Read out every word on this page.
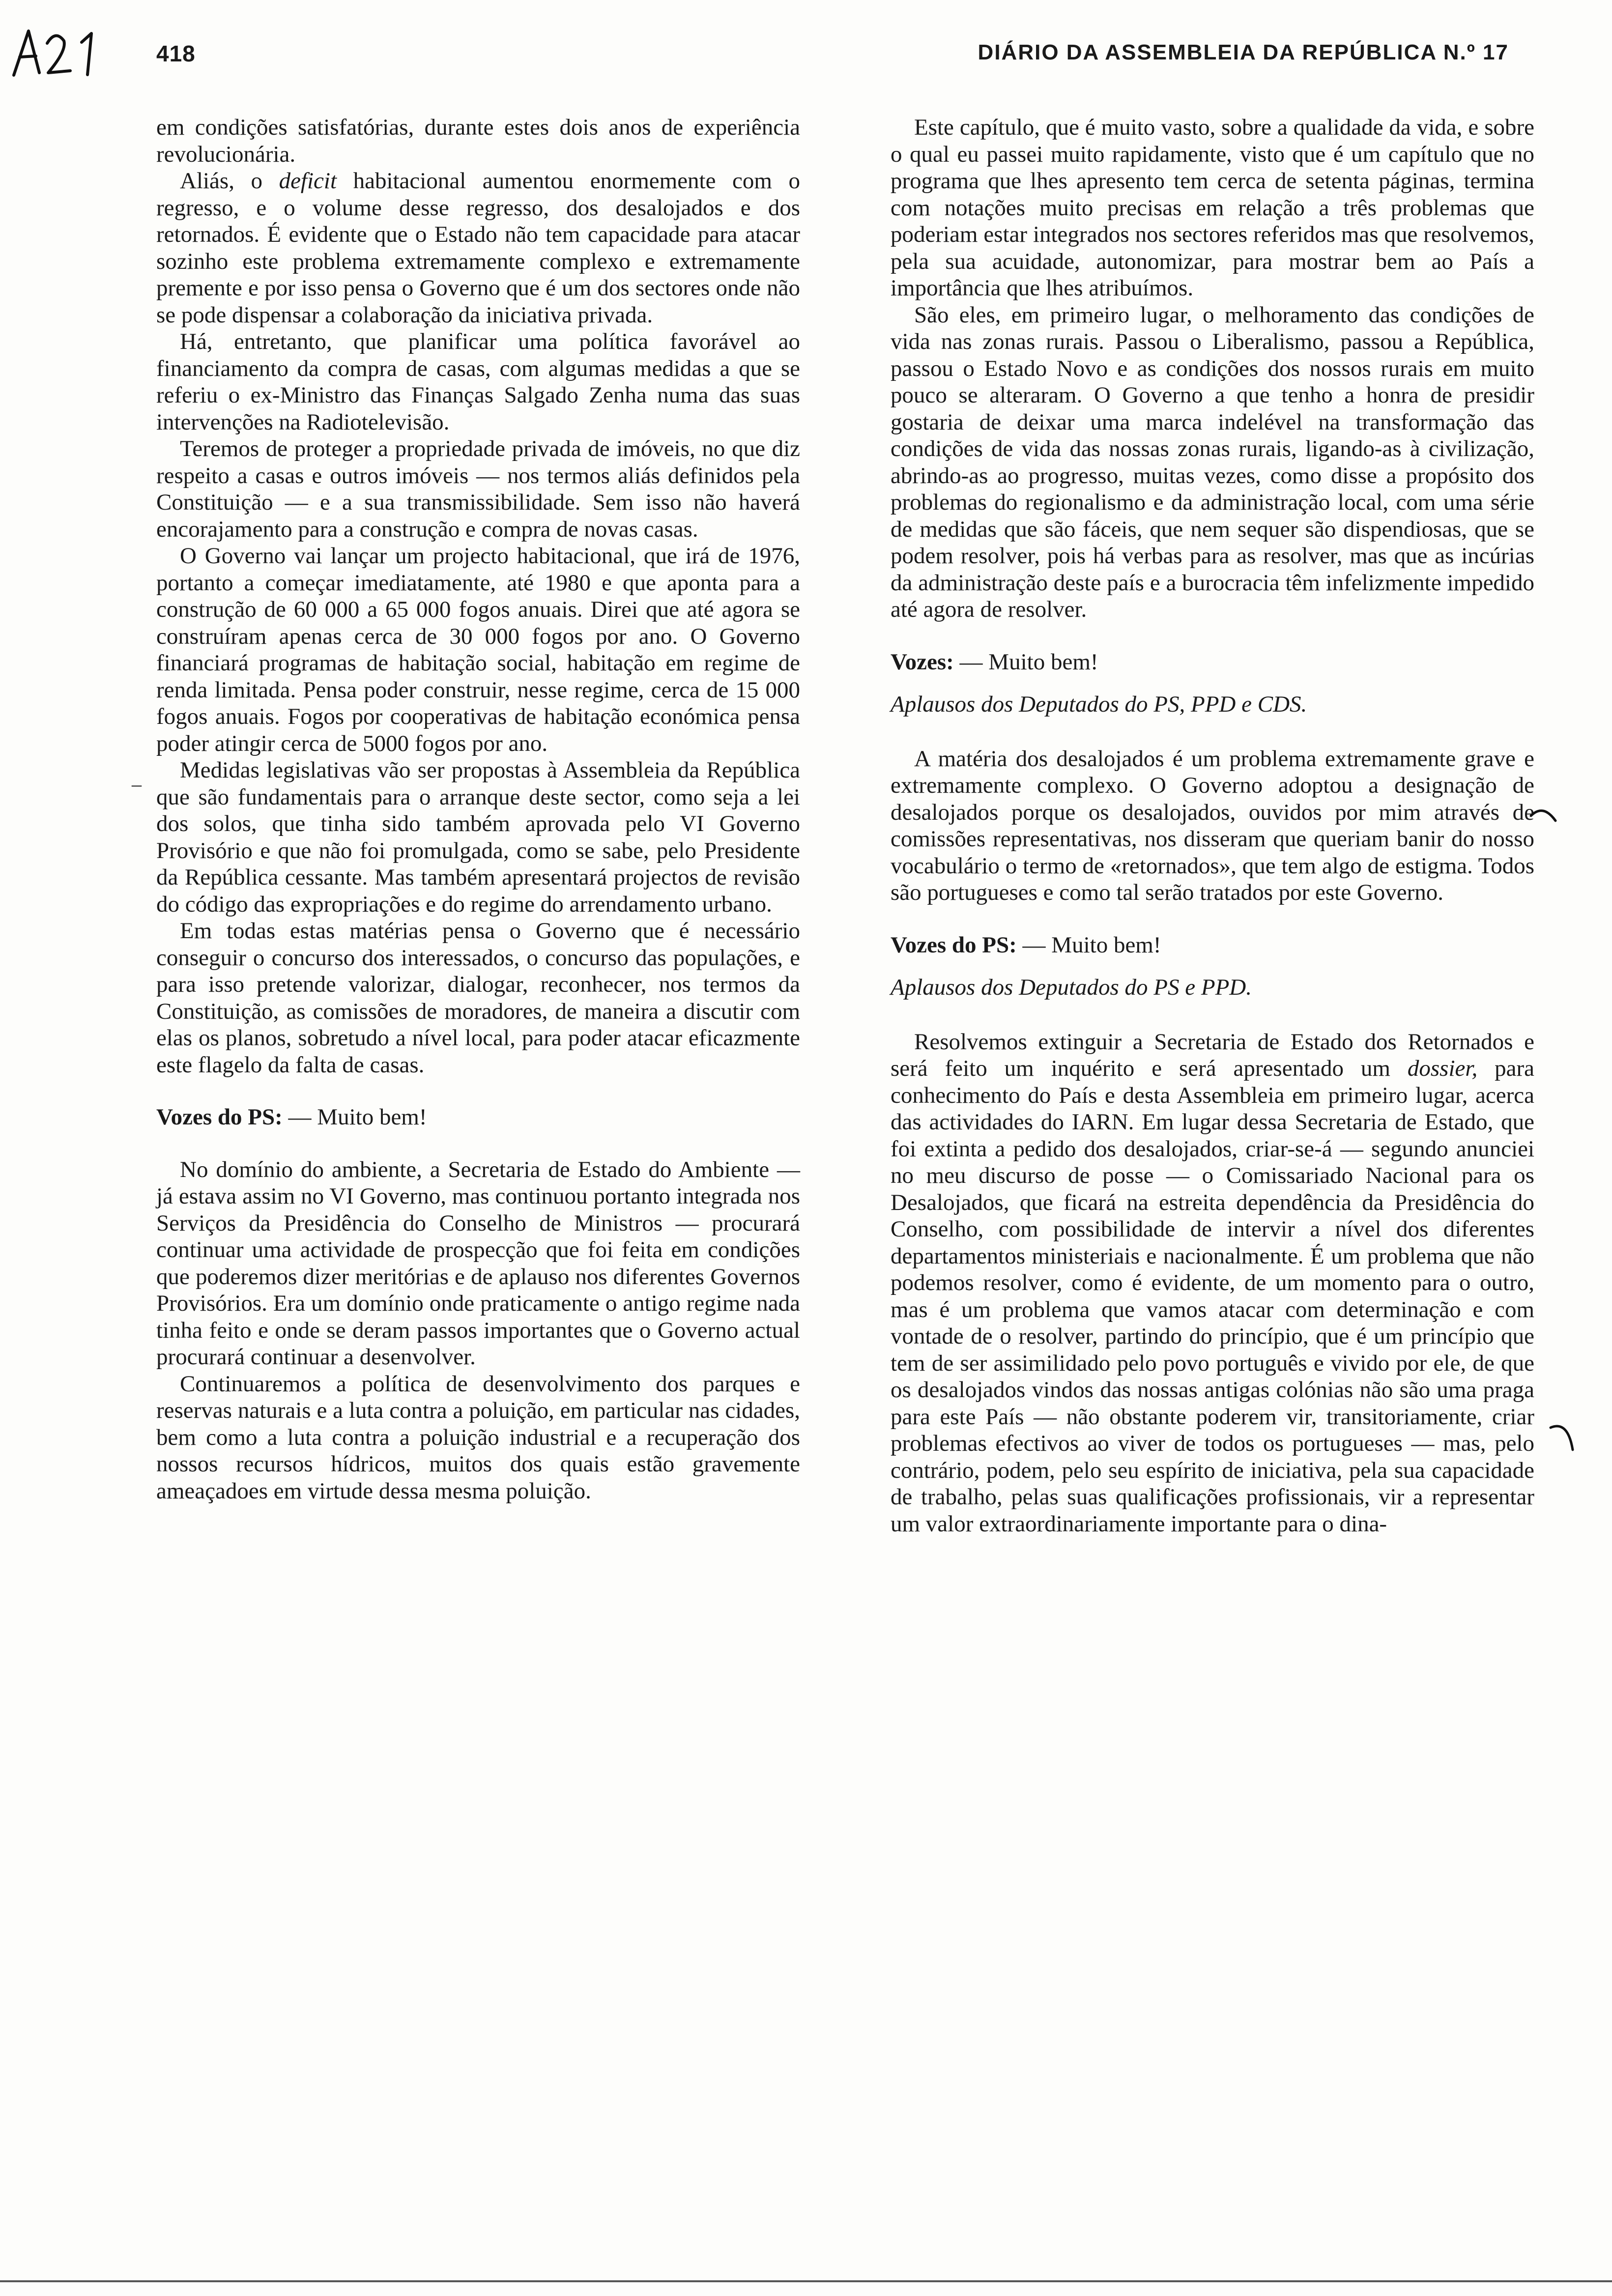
418	DIÁRIO DA ASSEMBLEIA DA REPÚBLICA N.º 17
–

em condições satisfatórias, durante estes dois anos de experiência revolucionária.

Aliás, o deficit habitacional aumentou enormemente com o regresso, e o volume desse regresso, dos desalojados e dos retornados. É evidente que o Estado não tem capacidade para atacar sozinho este problema extremamente complexo e extremamente premente e por isso pensa o Governo que é um dos sectores onde não se pode dispensar a colaboração da iniciativa privada.

Há, entretanto, que planificar uma política favorável ao financiamento da compra de casas, com algumas medidas a que se referiu o ex-Ministro das Finanças Salgado Zenha numa das suas intervenções na Radiotelevisão.

Teremos de proteger a propriedade privada de imóveis, no que diz respeito a casas e outros imóveis — nos termos aliás definidos pela Constituição — e a sua transmissibilidade. Sem isso não haverá encorajamento para a construção e compra de novas casas.

O Governo vai lançar um projecto habitacional, que irá de 1976, portanto a começar imediatamente, até 1980 e que aponta para a construção de 60 000 a 65 000 fogos anuais. Direi que até agora se construíram apenas cerca de 30 000 fogos por ano. O Governo financiará programas de habitação social, habitação em regime de renda limitada. Pensa poder construir, nesse regime, cerca de 15 000 fogos anuais. Fogos por cooperativas de habitação económica pensa poder atingir cerca de 5000 fogos por ano.

Medidas legislativas vão ser propostas à Assembleia da República que são fundamentais para o arranque deste sector, como seja a lei dos solos, que tinha sido também aprovada pelo VI Governo Provisório e que não foi promulgada, como se sabe, pelo Presidente da República cessante. Mas também apresentará projectos de revisão do código das expropriações e do regime do arrendamento urbano.

Em todas estas matérias pensa o Governo que é necessário conseguir o concurso dos interessados, o concurso das populações, e para isso pretende valorizar, dialogar, reconhecer, nos termos da Constituição, as comissões de moradores, de maneira a discutir com elas os planos, sobretudo a nível local, para poder atacar eficazmente este flagelo da falta de casas.

Vozes do PS: — Muito bem!

No domínio do ambiente, a Secretaria de Estado do Ambiente — já estava assim no VI Governo, mas continuou portanto integrada nos Serviços da Presidência do Conselho de Ministros — procurará continuar uma actividade de prospecção que foi feita em condições que poderemos dizer meritórias e de aplauso nos diferentes Governos Provisórios. Era um domínio onde praticamente o antigo regime nada tinha feito e onde se deram passos importantes que o Governo actual procurará continuar a desenvolver.

Continuaremos a política de desenvolvimento dos parques e reservas naturais e a luta contra a poluição, em particular nas cidades, bem como a luta contra a poluição industrial e a recuperação dos nossos recursos hídricos, muitos dos quais estão gravemente ameaçadoes em virtude dessa mesma poluição.

Este capítulo, que é muito vasto, sobre a qualidade da vida, e sobre o qual eu passei muito rapidamente, visto que é um capítulo que no programa que lhes apresento tem cerca de setenta páginas, termina com notações muito precisas em relação a três problemas que poderiam estar integrados nos sectores referidos mas que resolvemos, pela sua acuidade, autonomizar, para mostrar bem ao País a importância que lhes atribuímos.

São eles, em primeiro lugar, o melhoramento das condições de vida nas zonas rurais. Passou o Liberalismo, passou a República, passou o Estado Novo e as condições dos nossos rurais em muito pouco se alteraram. O Governo a que tenho a honra de presidir gostaria de deixar uma marca indelével na transformação das condições de vida das nossas zonas rurais, ligando-as à civilização, abrindo-as ao progresso, muitas vezes, como disse a propósito dos problemas do regionalismo e da administração local, com uma série de medidas que são fáceis, que nem sequer são dispendiosas, que se podem resolver, pois há verbas para as resolver, mas que as incúrias da administração deste país e a burocracia têm infelizmente impedido até agora de resolver.

Vozes: — Muito bem!

Aplausos dos Deputados do PS, PPD e CDS.

A matéria dos desalojados é um problema extremamente grave e extremamente complexo. O Governo adoptou a designação de desalojados porque os desalojados, ouvidos por mim através de comissões representativas, nos disseram que queriam banir do nosso vocabulário o termo de «retornados», que tem algo de estigma. Todos são portugueses e como tal serão tratados por este Governo.

Vozes do PS: — Muito bem!

Aplausos dos Deputados do PS e PPD.

Resolvemos extinguir a Secretaria de Estado dos Retornados e será feito um inquérito e será apresentado um dossier, para conhecimento do País e desta Assembleia em primeiro lugar, acerca das actividades do IARN. Em lugar dessa Secretaria de Estado, que foi extinta a pedido dos desalojados, criar-se-á — segundo anunciei no meu discurso de posse — o Comissariado Nacional para os Desalojados, que ficará na estreita dependência da Presidência do Conselho, com possibilidade de intervir a nível dos diferentes departamentos ministeriais e nacionalmente. É um problema que não podemos resolver, como é evidente, de um momento para o outro, mas é um problema que vamos atacar com determinação e com vontade de o resolver, partindo do princípio, que é um princípio que tem de ser assimilidado pelo povo português e vivido por ele, de que os desalojados vindos das nossas antigas colónias não são uma praga para este País — não obstante poderem vir, transitoriamente, criar problemas efectivos ao viver de todos os portugueses — mas, pelo contrário, podem, pelo seu espírito de iniciativa, pela sua capacidade de trabalho, pelas suas qualificações profissionais, vir a representar um valor extraordinariamente importante para o dina-
